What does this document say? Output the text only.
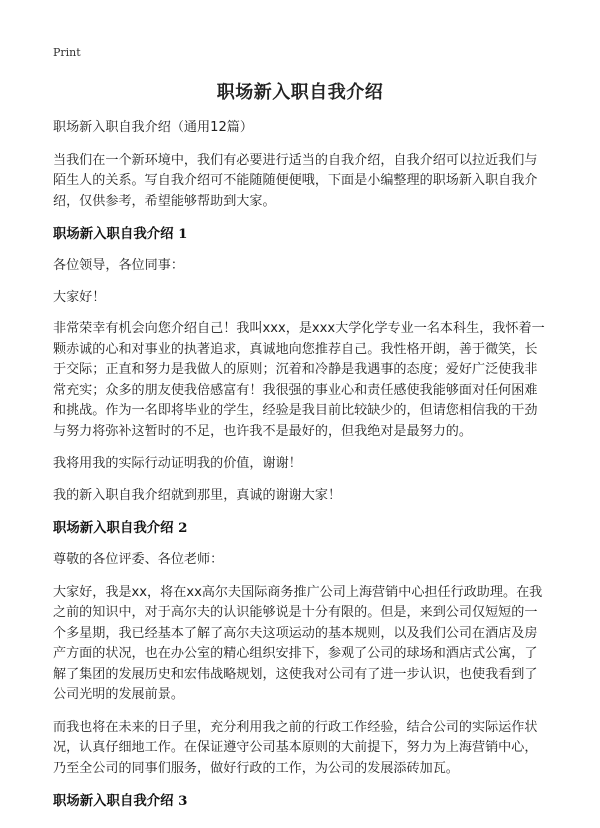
Print
职场新入职自我介绍

职场新入职自我介绍（通用12篇）

当我们在一个新环境中，我们有必要进行适当的自我介绍，自我介绍可以拉近我们与陌生人的关系。写自我介绍可不能随随便便哦，下面是小编整理的职场新入职自我介绍，仅供参考，希望能够帮助到大家。

职场新入职自我介绍 1

各位领导，各位同事：

大家好！

非常荣幸有机会向您介绍自己！我叫xxx，是xxx大学化学专业一名本科生，我怀着一颗赤诚的心和对事业的执著追求，真诚地向您推荐自己。我性格开朗，善于微笑，长于交际；正直和努力是我做人的原则；沉着和冷静是我遇事的态度；爱好广泛使我非常充实；众多的朋友使我倍感富有！我很强的事业心和责任感使我能够面对任何困难和挑战。作为一名即将毕业的学生，经验是我目前比较缺少的，但请您相信我的干劲与努力将弥补这暂时的不足，也许我不是最好的，但我绝对是最努力的。

我将用我的实际行动证明我的价值，谢谢！

我的新入职自我介绍就到那里，真诚的谢谢大家！

职场新入职自我介绍 2

尊敬的各位评委、各位老师：

大家好，我是xx，将在xx高尔夫国际商务推广公司上海营销中心担任行政助理。在我之前的知识中，对于高尔夫的认识能够说是十分有限的。但是，来到公司仅短短的一个多星期，我已经基本了解了高尔夫这项运动的基本规则，以及我们公司在酒店及房产方面的状况，也在办公室的精心组织安排下，参观了公司的球场和酒店式公寓，了解了集团的发展历史和宏伟战略规划，这使我对公司有了进一步认识，也使我看到了公司光明的发展前景。

而我也将在未来的日子里，充分利用我之前的行政工作经验，结合公司的实际运作状况，认真仔细地工作。在保证遵守公司基本原则的大前提下，努力为上海营销中心，乃至全公司的同事们服务，做好行政的工作，为公司的发展添砖加瓦。

职场新入职自我介绍 3
